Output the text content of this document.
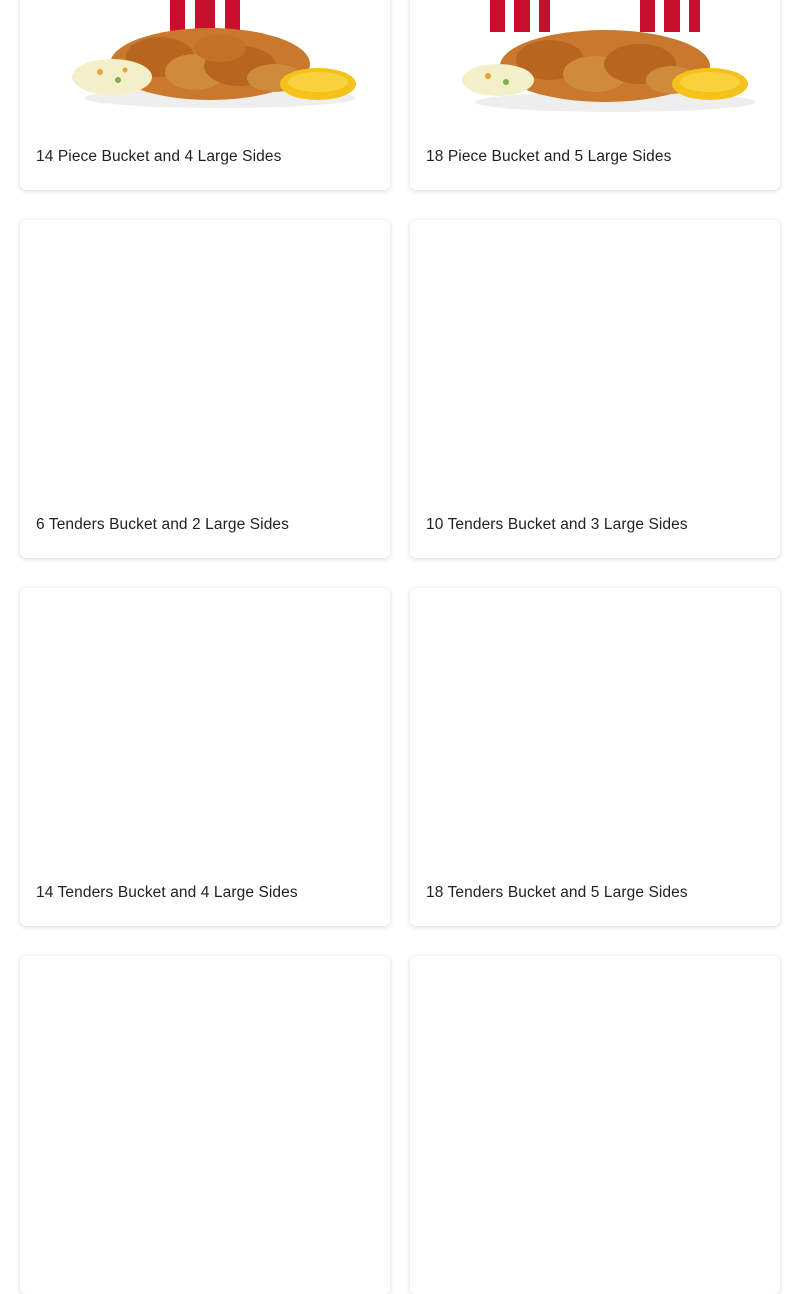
14 Piece Bucket and 4 Large Sides	18 Piece Bucket and 5 Large Sides
6 Tenders Bucket and 2 Large Sides	10 Tenders Bucket and 3 Large Sides
14 Tenders Bucket and 4 Large Sides	18 Tenders Bucket and 5 Large Sides
